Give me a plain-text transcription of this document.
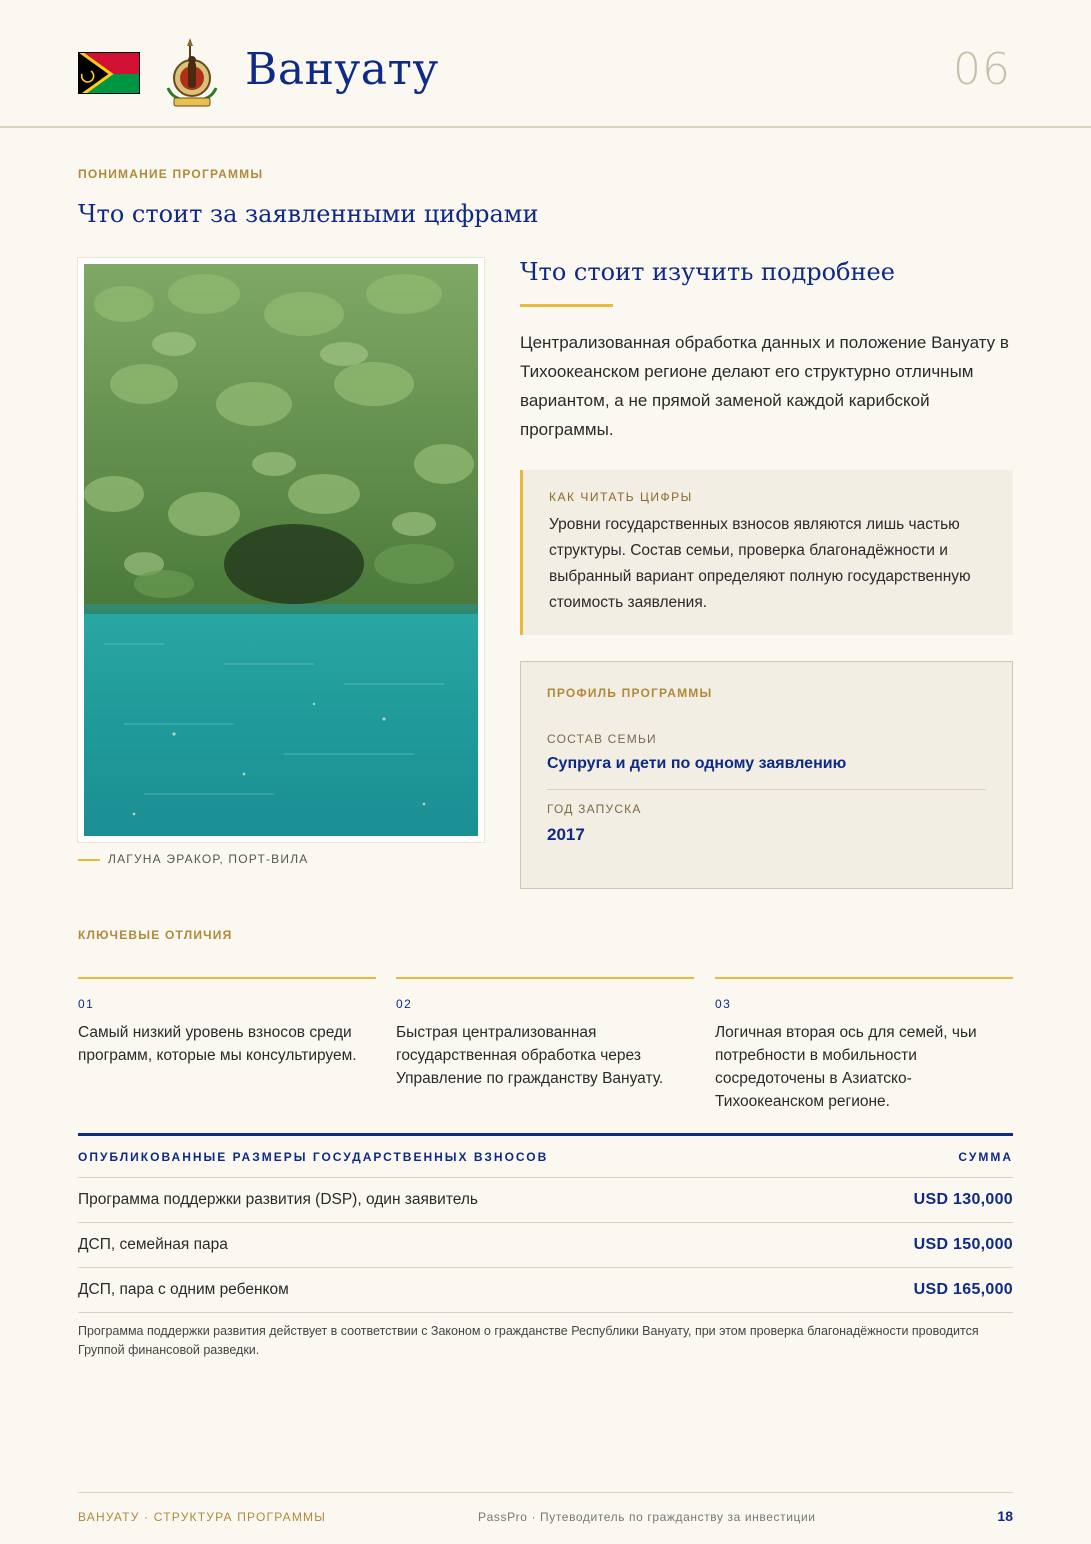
Вануату	06
ПОНИМАНИЕ ПРОГРАММЫ
Что стоит за заявленными цифрами
ЛАГУНА ЭРАКОР, ПОРТ-ВИЛА
Что стоит изучить подробнее
Централизованная обработка данных и положение Вануату в Тихоокеанском регионе делают его структурно отличным вариантом, а не прямой заменой каждой карибской программы.
КАК ЧИТАТЬ ЦИФРЫ
Уровни государственных взносов являются лишь частью структуры. Состав семьи, проверка благонадёжности и выбранный вариант определяют полную государственную стоимость заявления.
ПРОФИЛЬ ПРОГРАММЫ
СОСТАВ СЕМЬИ
Супруга и дети по одному заявлению
ГОД ЗАПУСКА
2017
КЛЮЧЕВЫЕ ОТЛИЧИЯ
01
Самый низкий уровень взносов среди программ, которые мы консультируем.
02
Быстрая централизованная государственная обработка через Управление по гражданству Вануату.
03
Логичная вторая ось для семей, чьи потребности в мобильности сосредоточены в Азиатско-Тихоокеанском регионе.
ОПУБЛИКОВАННЫЕ РАЗМЕРЫ ГОСУДАРСТВЕННЫХ ВЗНОСОВ	СУММА
Программа поддержки развития (DSP), один заявитель	USD 130,000
ДСП, семейная пара	USD 150,000
ДСП, пара с одним ребенком	USD 165,000
Программа поддержки развития действует в соответствии с Законом о гражданстве Республики Вануату, при этом проверка благонадёжности проводится Группой финансовой разведки.
ВАНУАТУ · СТРУКТУРА ПРОГРАММЫ	PassPro · Путеводитель по гражданству за инвестиции	18
